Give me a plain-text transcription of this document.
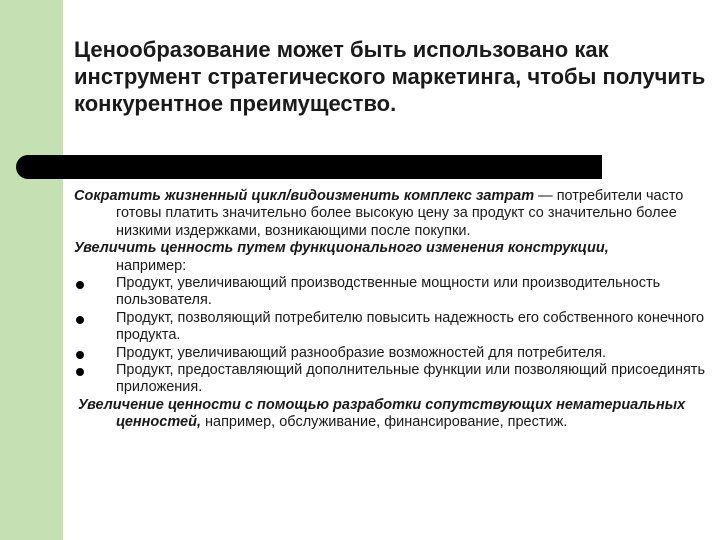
Ценообразование может быть использовано как инструмент стратегического маркетинга, чтобы получить конкурентное преимущество.

Сократить жизненный цикл/видоизменить комплекс затрат — потребители часто готовы платить значительно более высокую цену за продукт со значительно более низкими издержками, возникающими после покупки.

Увеличить ценность путем функционального изменения конструкции,

например:

Продукт, увеличивающий производственные мощности или производительность пользователя.

Продукт, позволяющий потребителю повысить надежность его собственного конечного продукта.

Продукт, увеличивающий разнообразие возможностей для потребителя.

Продукт, предоставляющий дополнительные функции или позволяющий присоединять приложения.

Увеличение ценности с помощью разработки сопутствующих нематериальных ценностей, например, обслуживание, финансирование, престиж.
